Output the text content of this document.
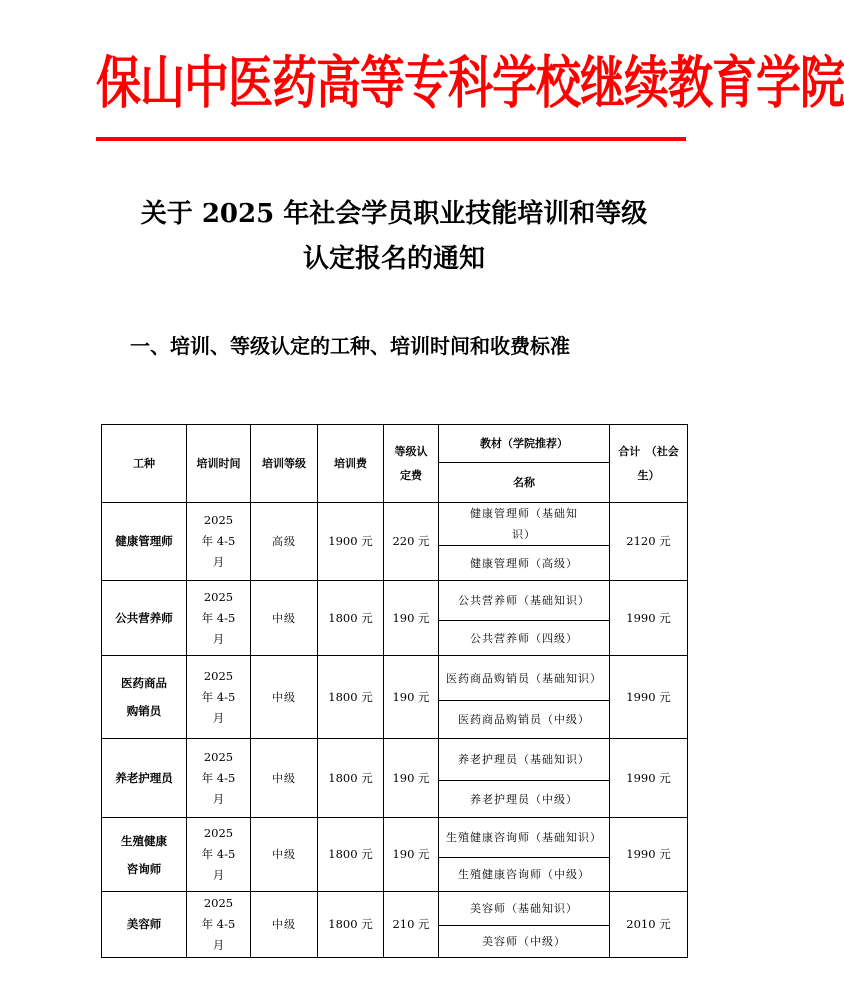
保山中医药高等专科学校继续教育学院
关于 2025 年社会学员职业技能培训和等级
认定报名的通知
一、培训、等级认定的工种、培训时间和收费标准
工种	培训时间	培训等级	培训费	等级认定费	教材（学院推荐）	合计　（社会生）
					名称	
健康管理师	2025 年 4-5 月	高级	1900 元	220 元	健康管理师（基础知识）	2120 元
					健康管理师（高级）	
公共营养师	2025 年 4-5 月	中级	1800 元	190 元	公共营养师（基础知识）	1990 元
					公共营养师（四级）	
医药商品购销员	2025 年 4-5 月	中级	1800 元	190 元	医药商品购销员（基础知识）	1990 元
					医药商品购销员（中级）	
养老护理员	2025 年 4-5 月	中级	1800 元	190 元	养老护理员（基础知识）	1990 元
					养老护理员（中级）	
生殖健康咨询师	2025 年 4-5 月	中级	1800 元	190 元	生殖健康咨询师（基础知识）	1990 元
					生殖健康咨询师（中级）	
美容师	2025 年 4-5 月	中级	1800 元	210 元	美容师（基础知识）	2010 元
					美容师（中级）	
